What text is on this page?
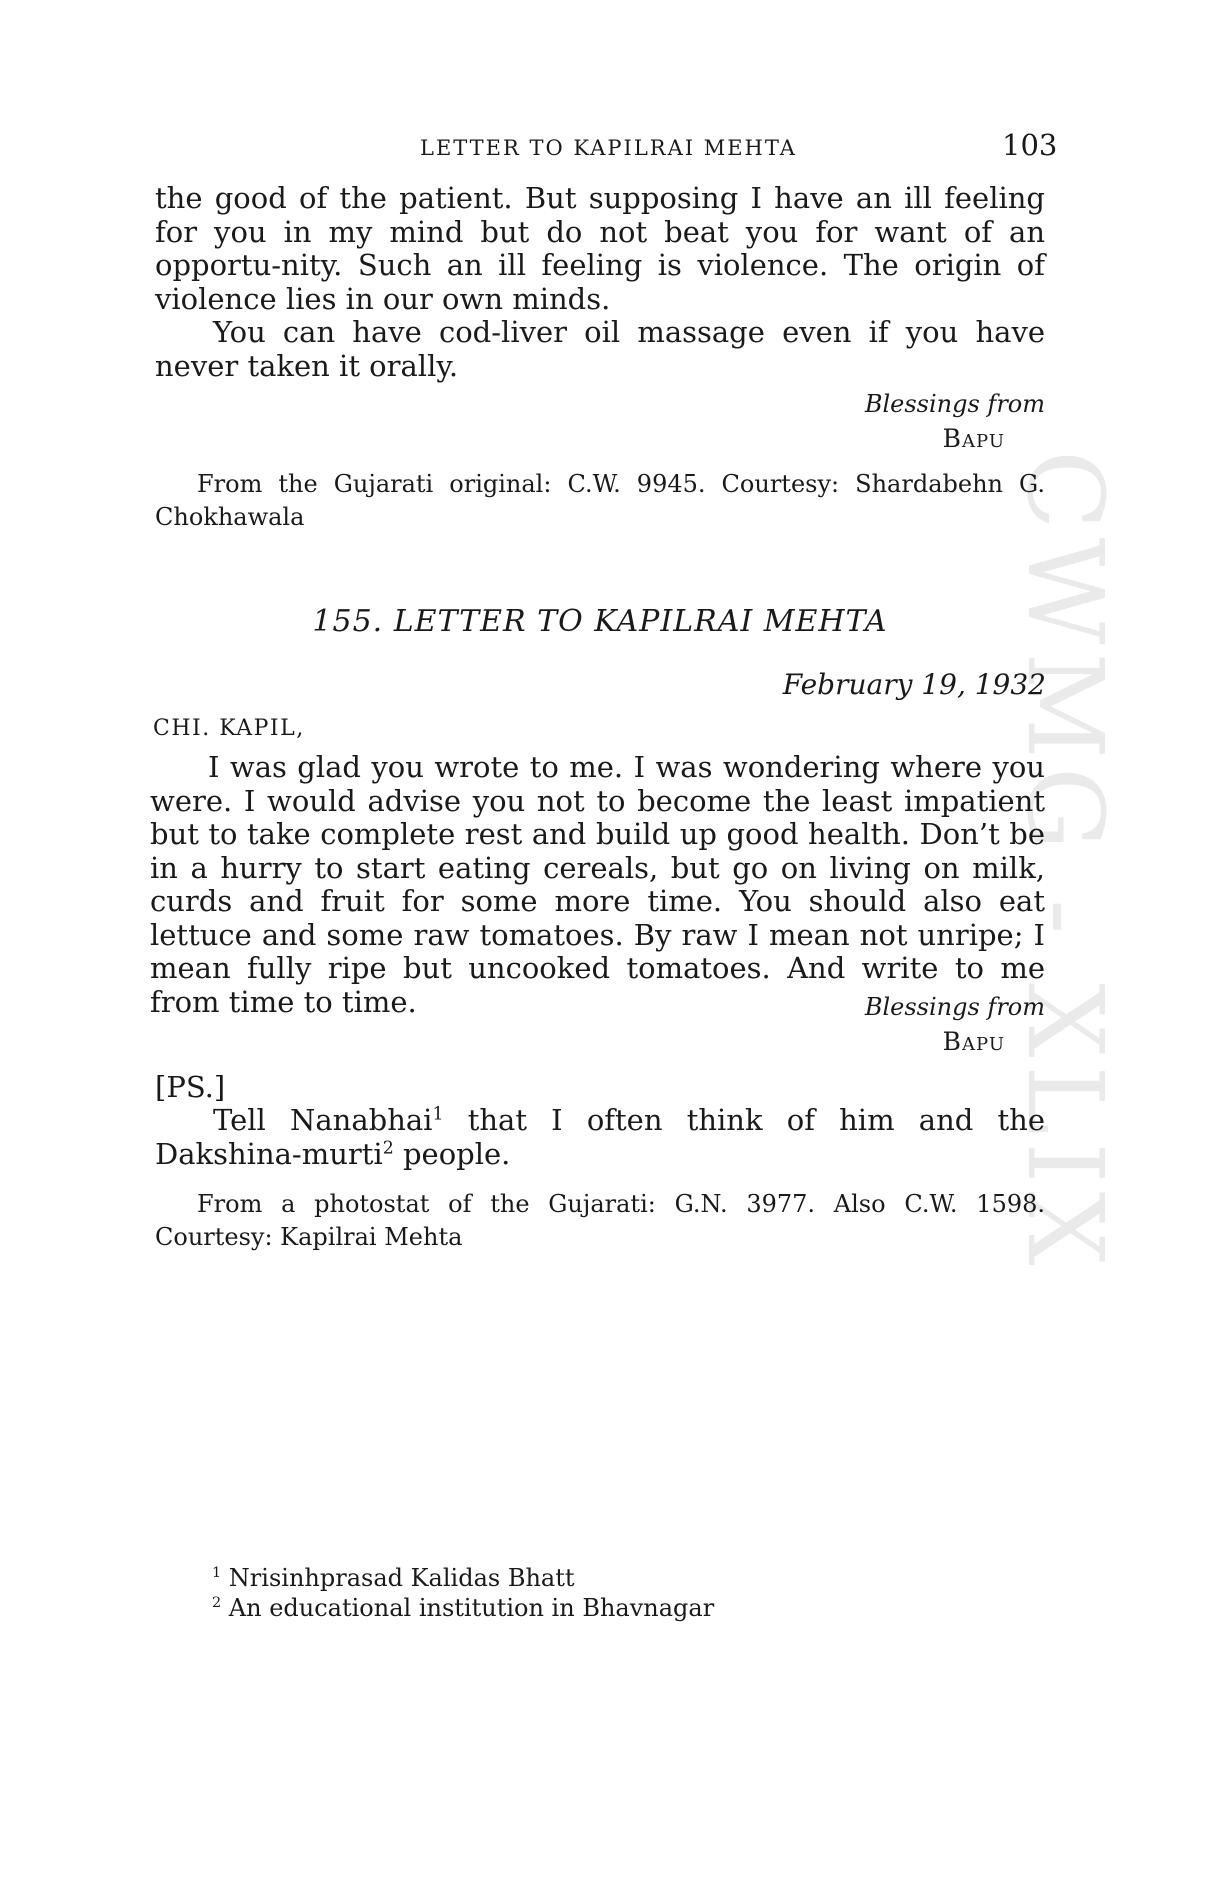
CWMG - XLIX
LETTER TO KAPILRAI MEHTA	103

the good of the patient. But supposing I have an ill feeling for you in my mind but do not beat you for want of an opportu-nity. Such an ill feeling is violence. The origin of violence lies in our own minds.

You can have cod-liver oil massage even if you have never taken it orally.

Blessings from
Bapu

From the Gujarati original: C.W. 9945. Courtesy: Shardabehn G. Chokhawala

155. LETTER TO KAPILRAI MEHTA
February 19, 1932
CHI. KAPIL,

I was glad you wrote to me. I was wondering where you were. I would advise you not to become the least impatient but to take complete rest and build up good health. Don’t be in a hurry to start eating cereals, but go on living on milk, curds and fruit for some more time. You should also eat lettuce and some raw tomatoes. By raw I mean not unripe; I mean fully ripe but uncooked tomatoes. And write to me from time to time.	Blessings from
Bapu
[PS.]

Tell Nanabhai$^1$ that I often think of him and the Dakshina-murti$^2$ people.

From a photostat of the Gujarati: G.N. 3977. Also C.W. 1598. Courtesy: Kapilrai Mehta

$^1$ Nrisinhprasad Kalidas Bhatt
$^2$ An educational institution in Bhavnagar
